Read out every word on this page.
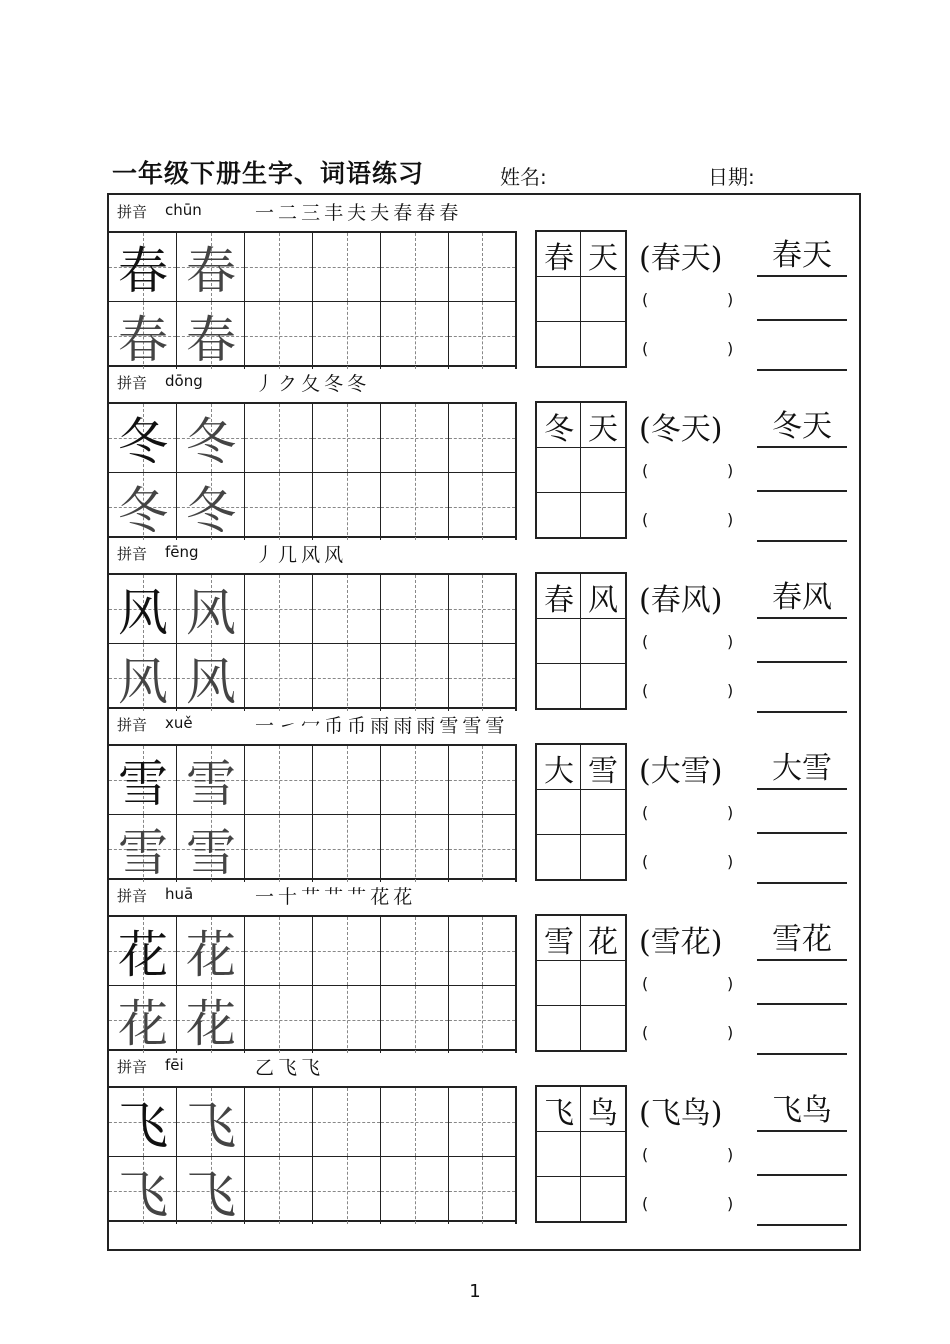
一年级下册生字、词语练习	姓名:	日期:
拼音 chūn	一 二 三 丰 夫 夫 春 春 春
春 春
春 春
春 天 (春天)
(	)
(	)
春天
拼音 dōng	丿 ク 夂 冬 冬
冬 冬
冬 冬
冬 天 (冬天)
(	)
(	)
冬天
拼音 fēng	丿 几 风 风
风 风
风 风
春 风 (春风)
(	)
(	)
春风
拼音 xuě	一 ㇀ 冖 币 币 雨 雨 雨 雪 雪 雪
雪 雪
雪 雪
大 雪 (大雪)
(	)
(	)
大雪
拼音 huā	一 十 艹 艹 艹 花 花
花 花
花 花
雪 花 (雪花)
(	)
(	)
雪花
拼音 fēi	乙 飞 飞
飞 飞
飞 飞
飞 鸟 (飞鸟)
(	)
(	)
飞鸟
1
